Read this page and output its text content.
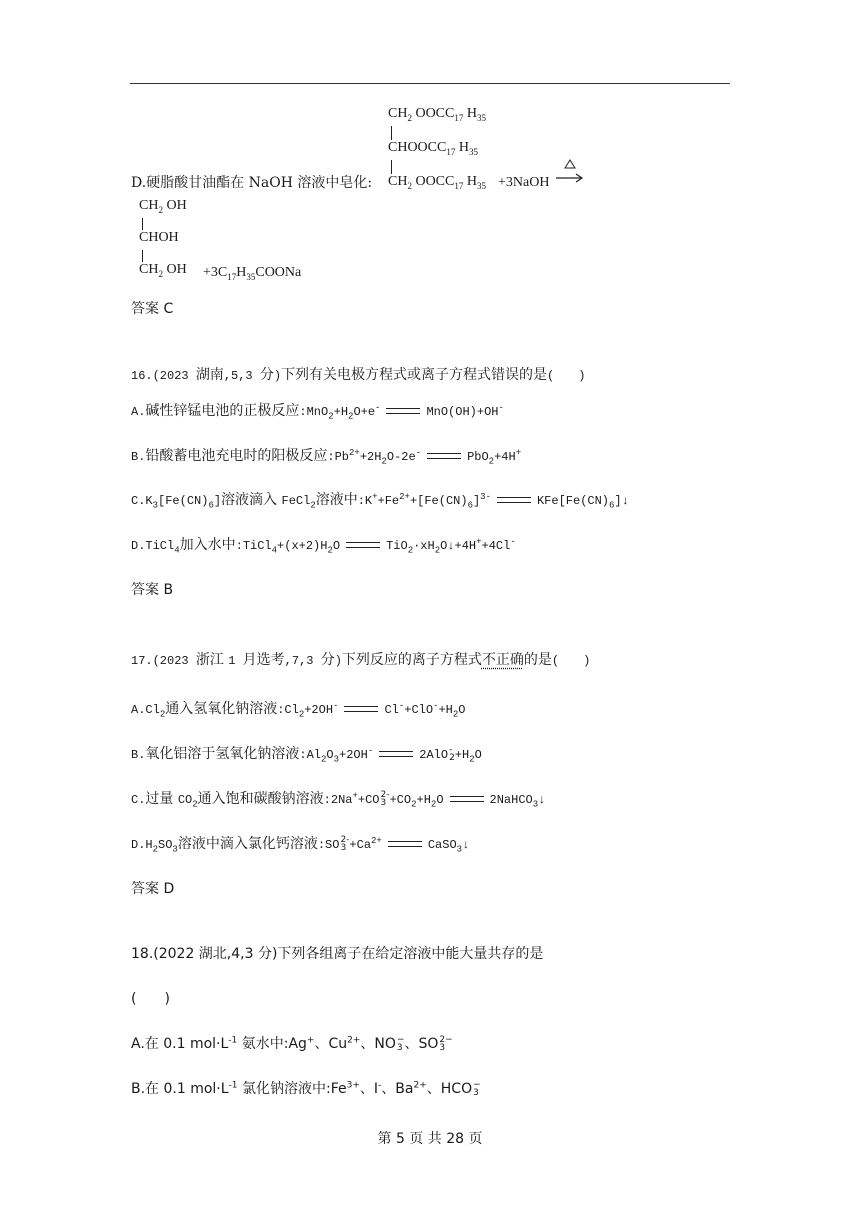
$CH_2$ $OOCC_{17}$ $H_{35}$
$CHOOCC_{17}$ $H_{35}$
$CH_2$ $OOCC_{17}$ $H_{35}$
D.硬脂酸甘油酯在 NaOH 溶液中皂化:	+3NaOH
$CH_2$ OH
CHOH
$CH_2$ OH $+3C_{17}H_{35}COONa$
答案 C
16.(2023 湖南,5,3 分)下列有关电极方程式或离子方程式错误的是(　　)
A.碱性锌锰电池的正极反应$:MnO_2+H_2O+e^-$	MnO(OH)+OH-
B.铅酸蓄电池充电时的阳极反应$:Pb^{2+}+2H_2O-2e^-$	PbO$_2$+4H+
$C.K_3[Fe(CN)_6]$溶液滴入 FeCl$_2$溶液中$:K^++Fe^{2+}+[Fe(CN)_6]^{3-}$	$KFe[Fe(CN)_6]↓$
D.TiCl$_4$加入水中$:TiCl_4+(x+2)H_2O$	$TiO_2\cdot xH_2O↓+4H^++4Cl^-$
答案 B
17.(2023 浙江 1 月选考,7,3 分)下列反应的离子方程式不正确的是(　　)
$A.Cl_2$通入氢氧化钠溶液$:Cl_2+2OH^-$	$Cl^-+ClO^-+H_2O$
B.氧化铝溶于氢氧化钠溶液$:Al_2O_3+2OH^-$	2AlO -
$2 +H_2O$
C.过量 $CO_2$通入饱和碳酸钠溶液:2Na++CO 2-
$3 +CO_2+H_2O$	2NaHCO$_3$↓
$D.H_2SO_3$溶液中滴入氯化钙溶液:SO 2-
$3 +Ca^{2+}$	CaSO$_3$↓
答案 D
18.(2022 湖北,4,3 分)下列各组离子在给定溶液中能大量共存的是
(　　)
A.在 0.1 $mol\cdot L^{-1}$ 氨水中:Ag+、$Cu^{2+}$、NO −
3 、SO 2−
3
B.在 0.1 $mol\cdot L^{-1}$ 氯化钠溶液中$:Fe^{3+}$、I-、$Ba^{2+}$、HCO −
3
第 5 页 共 28 页
